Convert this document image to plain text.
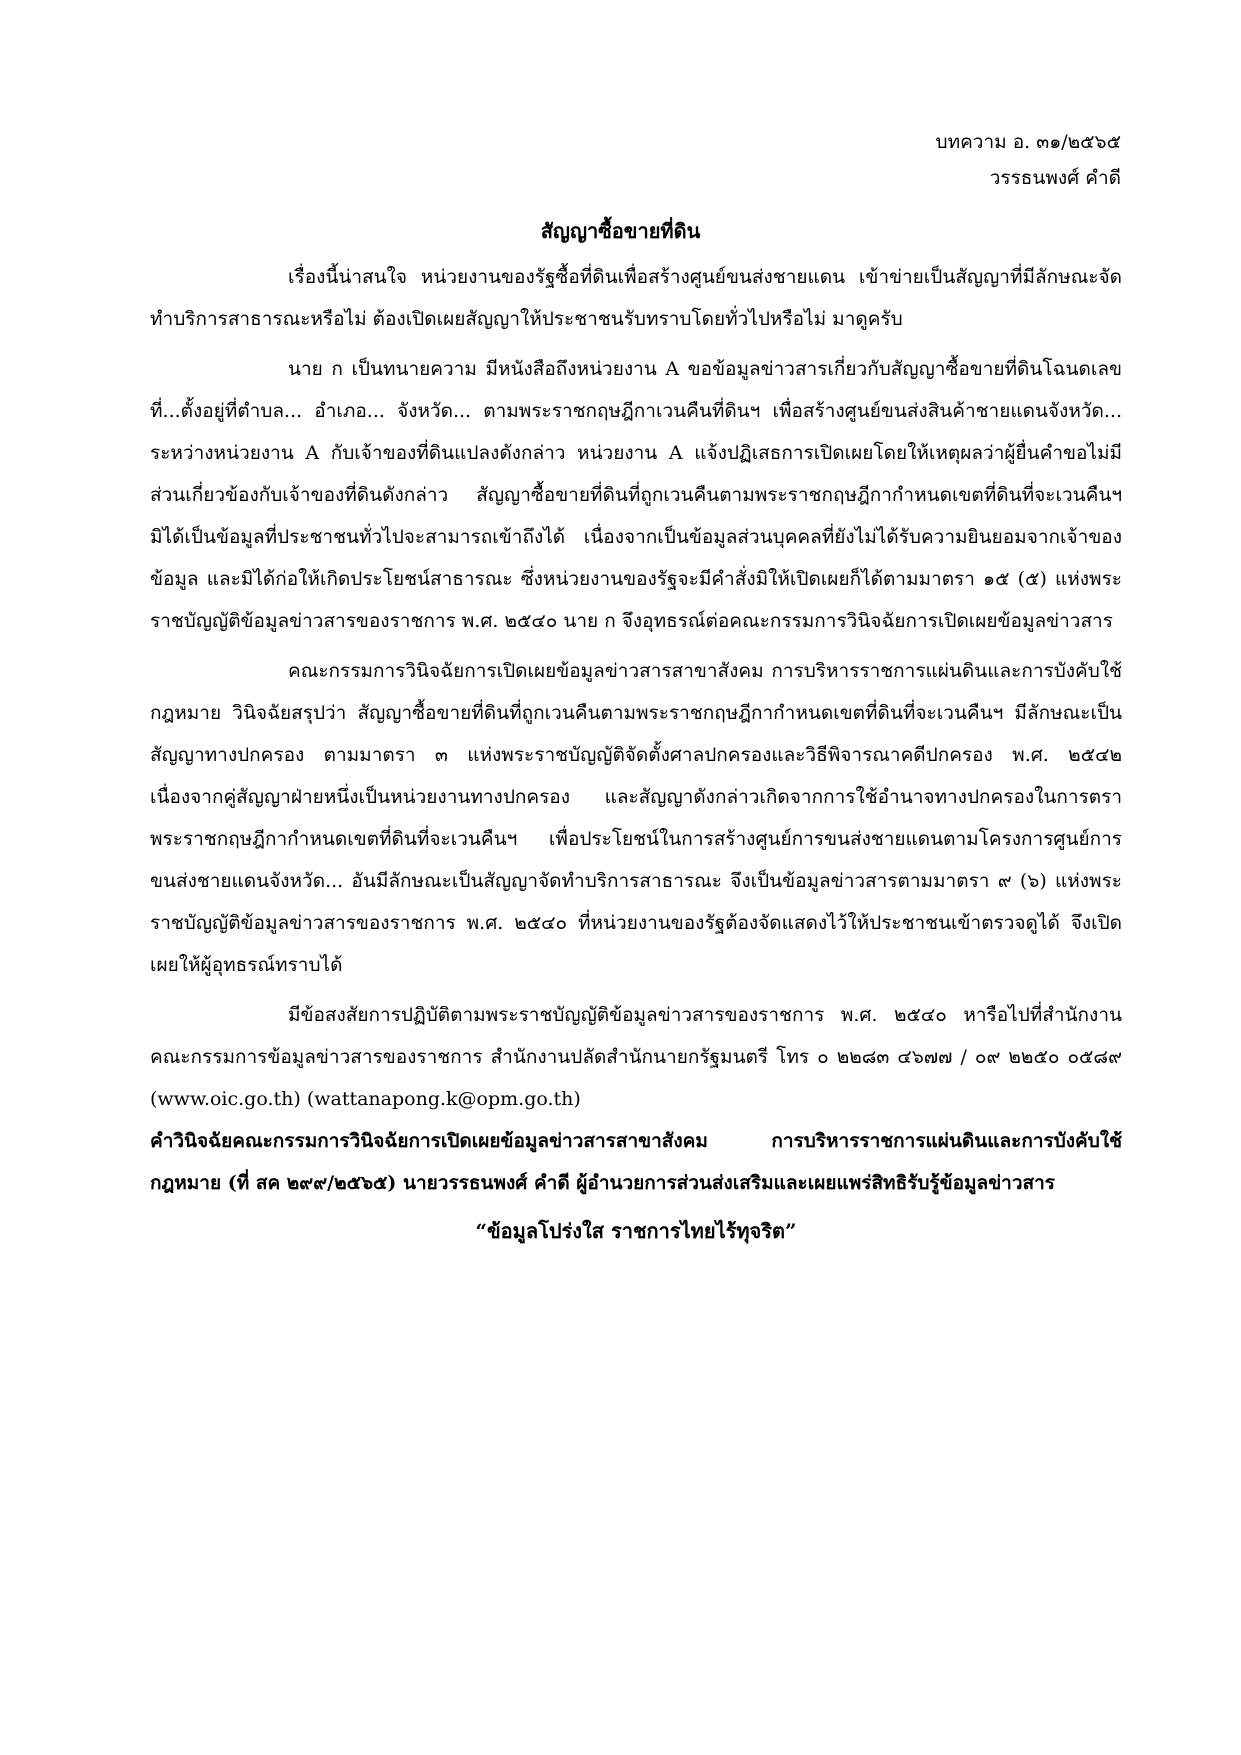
บทความ อ. ๓๑/๒๕๖๕
วรรธนพงศ์ คำดี
สัญญาซื้อขายที่ดิน

เรื่องนี้น่าสนใจ หน่วยงานของรัฐซื้อที่ดินเพื่อสร้างศูนย์ขนส่งชายแดน เข้าข่ายเป็นสัญญาที่มีลักษณะจัดทำบริการสาธารณะหรือไม่ ต้องเปิดเผยสัญญาให้ประชาชนรับทราบโดยทั่วไปหรือไม่ มาดูครับ

นาย ก เป็นทนายความ มีหนังสือถึงหน่วยงาน A ขอข้อมูลข่าวสารเกี่ยวกับสัญญาซื้อขายที่ดินโฉนดเลขที่...ตั้งอยู่ที่ตำบล... อำเภอ... จังหวัด... ตามพระราชกฤษฎีกาเวนคืนที่ดินฯ เพื่อสร้างศูนย์ขนส่งสินค้าชายแดนจังหวัด... ระหว่างหน่วยงาน A กับเจ้าของที่ดินแปลงดังกล่าว หน่วยงาน A แจ้งปฏิเสธการเปิดเผยโดยให้เหตุผลว่าผู้ยื่นคำขอไม่มีส่วนเกี่ยวข้องกับเจ้าของที่ดินดังกล่าว สัญญาซื้อขายที่ดินที่ถูกเวนคืนตามพระราชกฤษฎีกากำหนดเขตที่ดินที่จะเวนคืนฯ มิได้เป็นข้อมูลที่ประชาชนทั่วไปจะสามารถเข้าถึงได้ เนื่องจากเป็นข้อมูลส่วนบุคคลที่ยังไม่ได้รับความยินยอมจากเจ้าของข้อมูล และมิได้ก่อให้เกิดประโยชน์สาธารณะ ซึ่งหน่วยงานของรัฐจะมีคำสั่งมิให้เปิดเผยก็ได้ตามมาตรา ๑๕ (๕) แห่งพระราชบัญญัติข้อมูลข่าวสารของราชการ พ.ศ. ๒๕๔๐ นาย ก จึงอุทธรณ์ต่อคณะกรรมการวินิจฉัยการเปิดเผยข้อมูลข่าวสาร

คณะกรรมการวินิจฉัยการเปิดเผยข้อมูลข่าวสารสาขาสังคม การบริหารราชการแผ่นดินและการบังคับใช้กฎหมาย วินิจฉัยสรุปว่า สัญญาซื้อขายที่ดินที่ถูกเวนคืนตามพระราชกฤษฎีกากำหนดเขตที่ดินที่จะเวนคืนฯ มีลักษณะเป็นสัญญาทางปกครอง ตามมาตรา ๓ แห่งพระราชบัญญัติจัดตั้งศาลปกครองและวิธีพิจารณาคดีปกครอง พ.ศ. ๒๕๔๒ เนื่องจากคู่สัญญาฝ่ายหนึ่งเป็นหน่วยงานทางปกครอง และสัญญาดังกล่าวเกิดจากการใช้อำนาจทางปกครองในการตราพระราชกฤษฎีกากำหนดเขตที่ดินที่จะเวนคืนฯ เพื่อประโยชน์ในการสร้างศูนย์การขนส่งชายแดนตามโครงการศูนย์การขนส่งชายแดนจังหวัด... อันมีลักษณะเป็นสัญญาจัดทำบริการสาธารณะ จึงเป็นข้อมูลข่าวสารตามมาตรา ๙ (๖) แห่งพระราชบัญญัติข้อมูลข่าวสารของราชการ พ.ศ. ๒๕๔๐ ที่หน่วยงานของรัฐต้องจัดแสดงไว้ให้ประชาชนเข้าตรวจดูได้ จึงเปิดเผยให้ผู้อุทธรณ์ทราบได้

มีข้อสงสัยการปฏิบัติตามพระราชบัญญัติข้อมูลข่าวสารของราชการ พ.ศ. ๒๕๔๐ หารือไปที่สำนักงานคณะกรรมการข้อมูลข่าวสารของราชการ สำนักงานปลัดสำนักนายกรัฐมนตรี โทร ๐ ๒๒๘๓ ๔๖๗๗ / ๐๙ ๒๒๕๐ ๐๕๘๙ (www.oic.go.th) (wattanapong.k@opm.go.th)

คำวินิจฉัยคณะกรรมการวินิจฉัยการเปิดเผยข้อมูลข่าวสารสาขาสังคม การบริหารราชการแผ่นดินและการบังคับใช้กฎหมาย (ที่ สค ๒๙๙/๒๕๖๕) นายวรรธนพงศ์ คำดี ผู้อำนวยการส่วนส่งเสริมและเผยแพร่สิทธิรับรู้ข้อมูลข่าวสาร

“ข้อมูลโปร่งใส ราชการไทยไร้ทุจริต”
